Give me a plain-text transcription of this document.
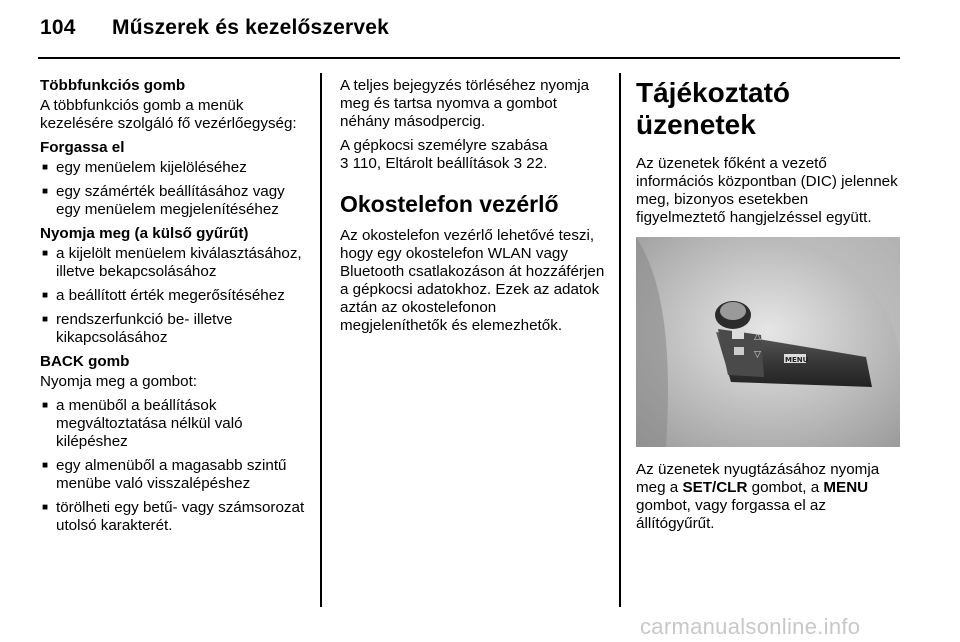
104 Műszerek és kezelőszervek

Többfunkciós gomb

A többfunkciós gomb a menük kezelésére szolgáló fő vezérlőegység:

Forgassa el

■ egy menüelem kijelöléséhez
■ egy számérték beállításához vagy egy menüelem megjelenítéséhez

Nyomja meg (a külső gyűrűt)

■ a kijelölt menüelem kiválasztásához, illetve bekapcsolásához
■ a beállított érték megerősítéséhez
■ rendszerfunkció be- illetve kikapcsolásához

BACK gomb

Nyomja meg a gombot:

■ a menüből a beállítások megváltoztatása nélkül való kilépéshez
■ egy almenüből a magasabb szintű menübe való visszalépéshez
■ törölheti egy betű- vagy számsorozat utolsó karakterét.

A teljes bejegyzés törléséhez nyomja meg és tartsa nyomva a gombot néhány másodpercig.

A gépkocsi személyre szabása
3 110, Eltárolt beállítások 3 22.

Okostelefon vezérlő

Az okostelefon vezérlő lehetővé teszi, hogy egy okostelefon WLAN vagy Bluetooth csatlakozáson át hozzáférjen a gépkocsi adatokhoz. Ezek az adatok aztán az okostelefonon megjeleníthetők és elemezhetők.

Tájékoztató üzenetek

Az üzenetek főként a vezető információs központban (DIC) jelennek meg, bizonyos esetekben figyelmeztető hangjelzéssel együtt.

△
▽	MENU

Az üzenetek nyugtázásához nyomja meg a SET/CLR gombot, a MENU gombot, vagy forgassa el az állítógyűrűt.

carmanualsonline.info
